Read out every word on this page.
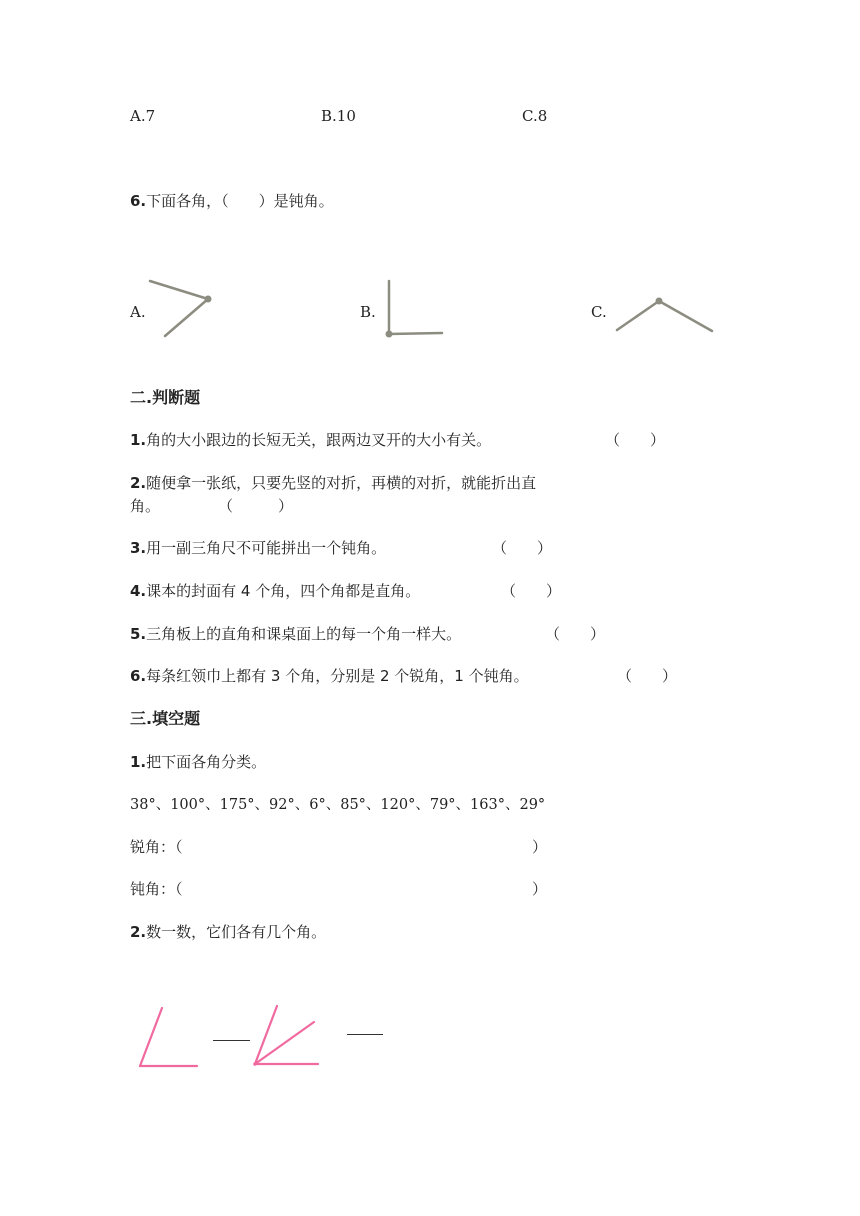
A.7	B.10	C.8
6.下面各角，（　　）是钝角。
A.	B.	C.
二.判断题
1.角的大小跟边的长短无关，跟两边叉开的大小有关。	（　　）
2.随便拿一张纸，只要先竖的对折，再横的对折，就能折出直
角。	（　　　）
3.用一副三角尺不可能拼出一个钝角。	（　　）
4.课本的封面有 4 个角，四个角都是直角。	（　　）
5.三角板上的直角和课桌面上的每一个角一样大。	（　　）
6.每条红领巾上都有 3 个角，分别是 2 个锐角，1 个钝角。	（　　）
三.填空题
1.把下面各角分类。
38°、100°、175°、92°、6°、85°、120°、79°、163°、29°
锐角：（	）
钝角：（	）
2.数一数，它们各有几个角。
